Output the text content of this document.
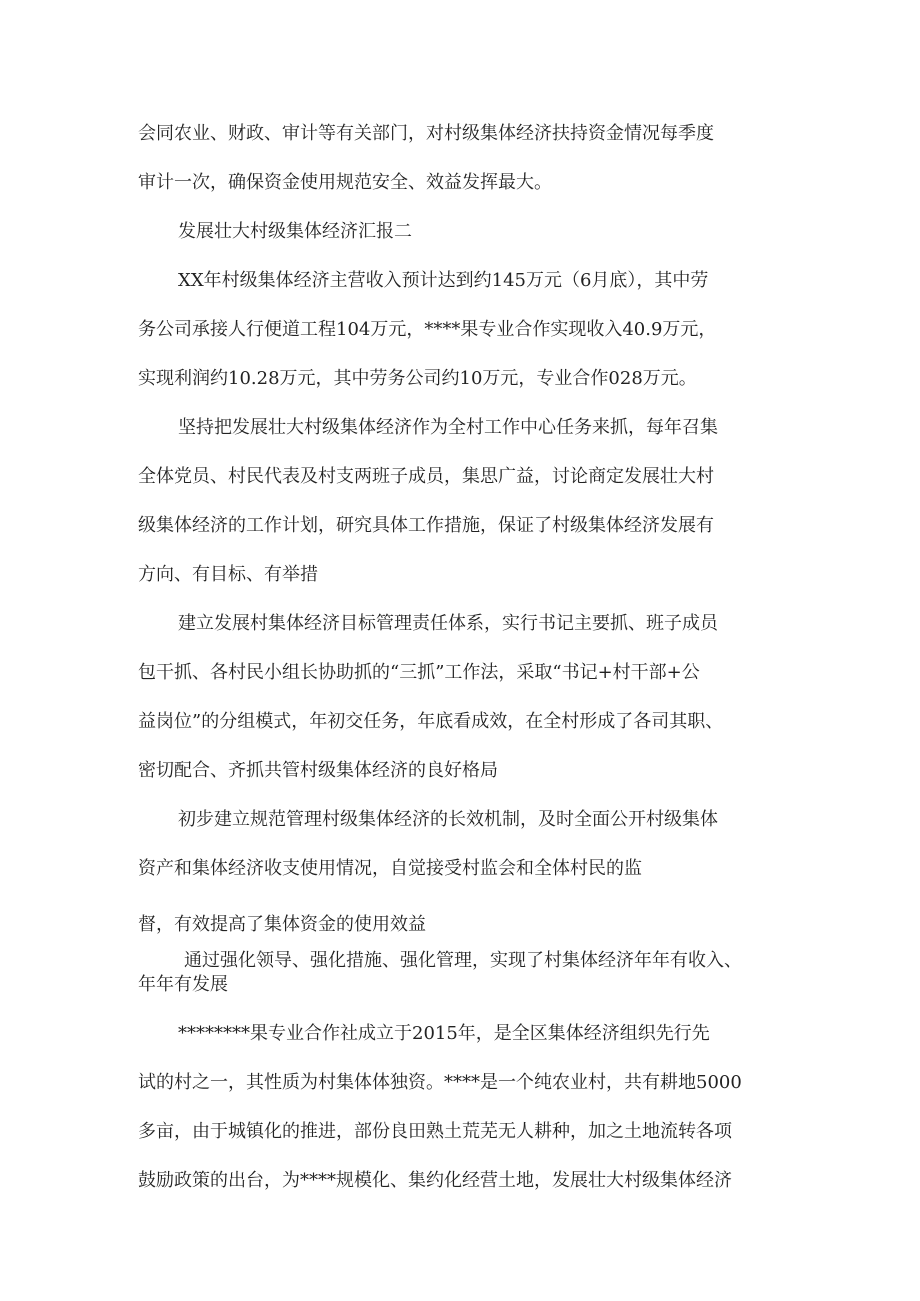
会同农业、财政、审计等有关部门，对村级集体经济扶持资金情况每季度
审计一次，确保资金使用规范安全、效益发挥最大。
发展壮大村级集体经济汇报二
XX年村级集体经济主营收入预计达到约145万元（6月底），其中劳
务公司承接人行便道工程104万元，****果专业合作实现收入40.9万元，
实现利润约10.28万元，其中劳务公司约10万元，专业合作028万元。
坚持把发展壮大村级集体经济作为全村工作中心任务来抓，每年召集
全体党员、村民代表及村支两班子成员，集思广益，讨论商定发展壮大村
级集体经济的工作计划，研究具体工作措施，保证了村级集体经济发展有
方向、有目标、有举措
建立发展村集体经济目标管理责任体系，实行书记主要抓、班子成员
包干抓、各村民小组长协助抓的“三抓”工作法，采取“书记+村干部+公
益岗位”的分组模式，年初交任务，年底看成效，在全村形成了各司其职、
密切配合、齐抓共管村级集体经济的良好格局
初步建立规范管理村级集体经济的长效机制，及时全面公开村级集体
资产和集体经济收支使用情况，自觉接受村监会和全体村民的监
督，有效提高了集体资金的使用效益
通过强化领导、强化措施、强化管理，实现了村集体经济年年有收入、
年年有发展
********果专业合作社成立于2015年，是全区集体经济组织先行先
试的村之一，其性质为村集体体独资。****是一个纯农业村，共有耕地5000
多亩，由于城镇化的推进，部份良田熟土荒芜无人耕种，加之土地流转各项
鼓励政策的出台，为****规模化、集约化经营土地，发展壮大村级集体经济
